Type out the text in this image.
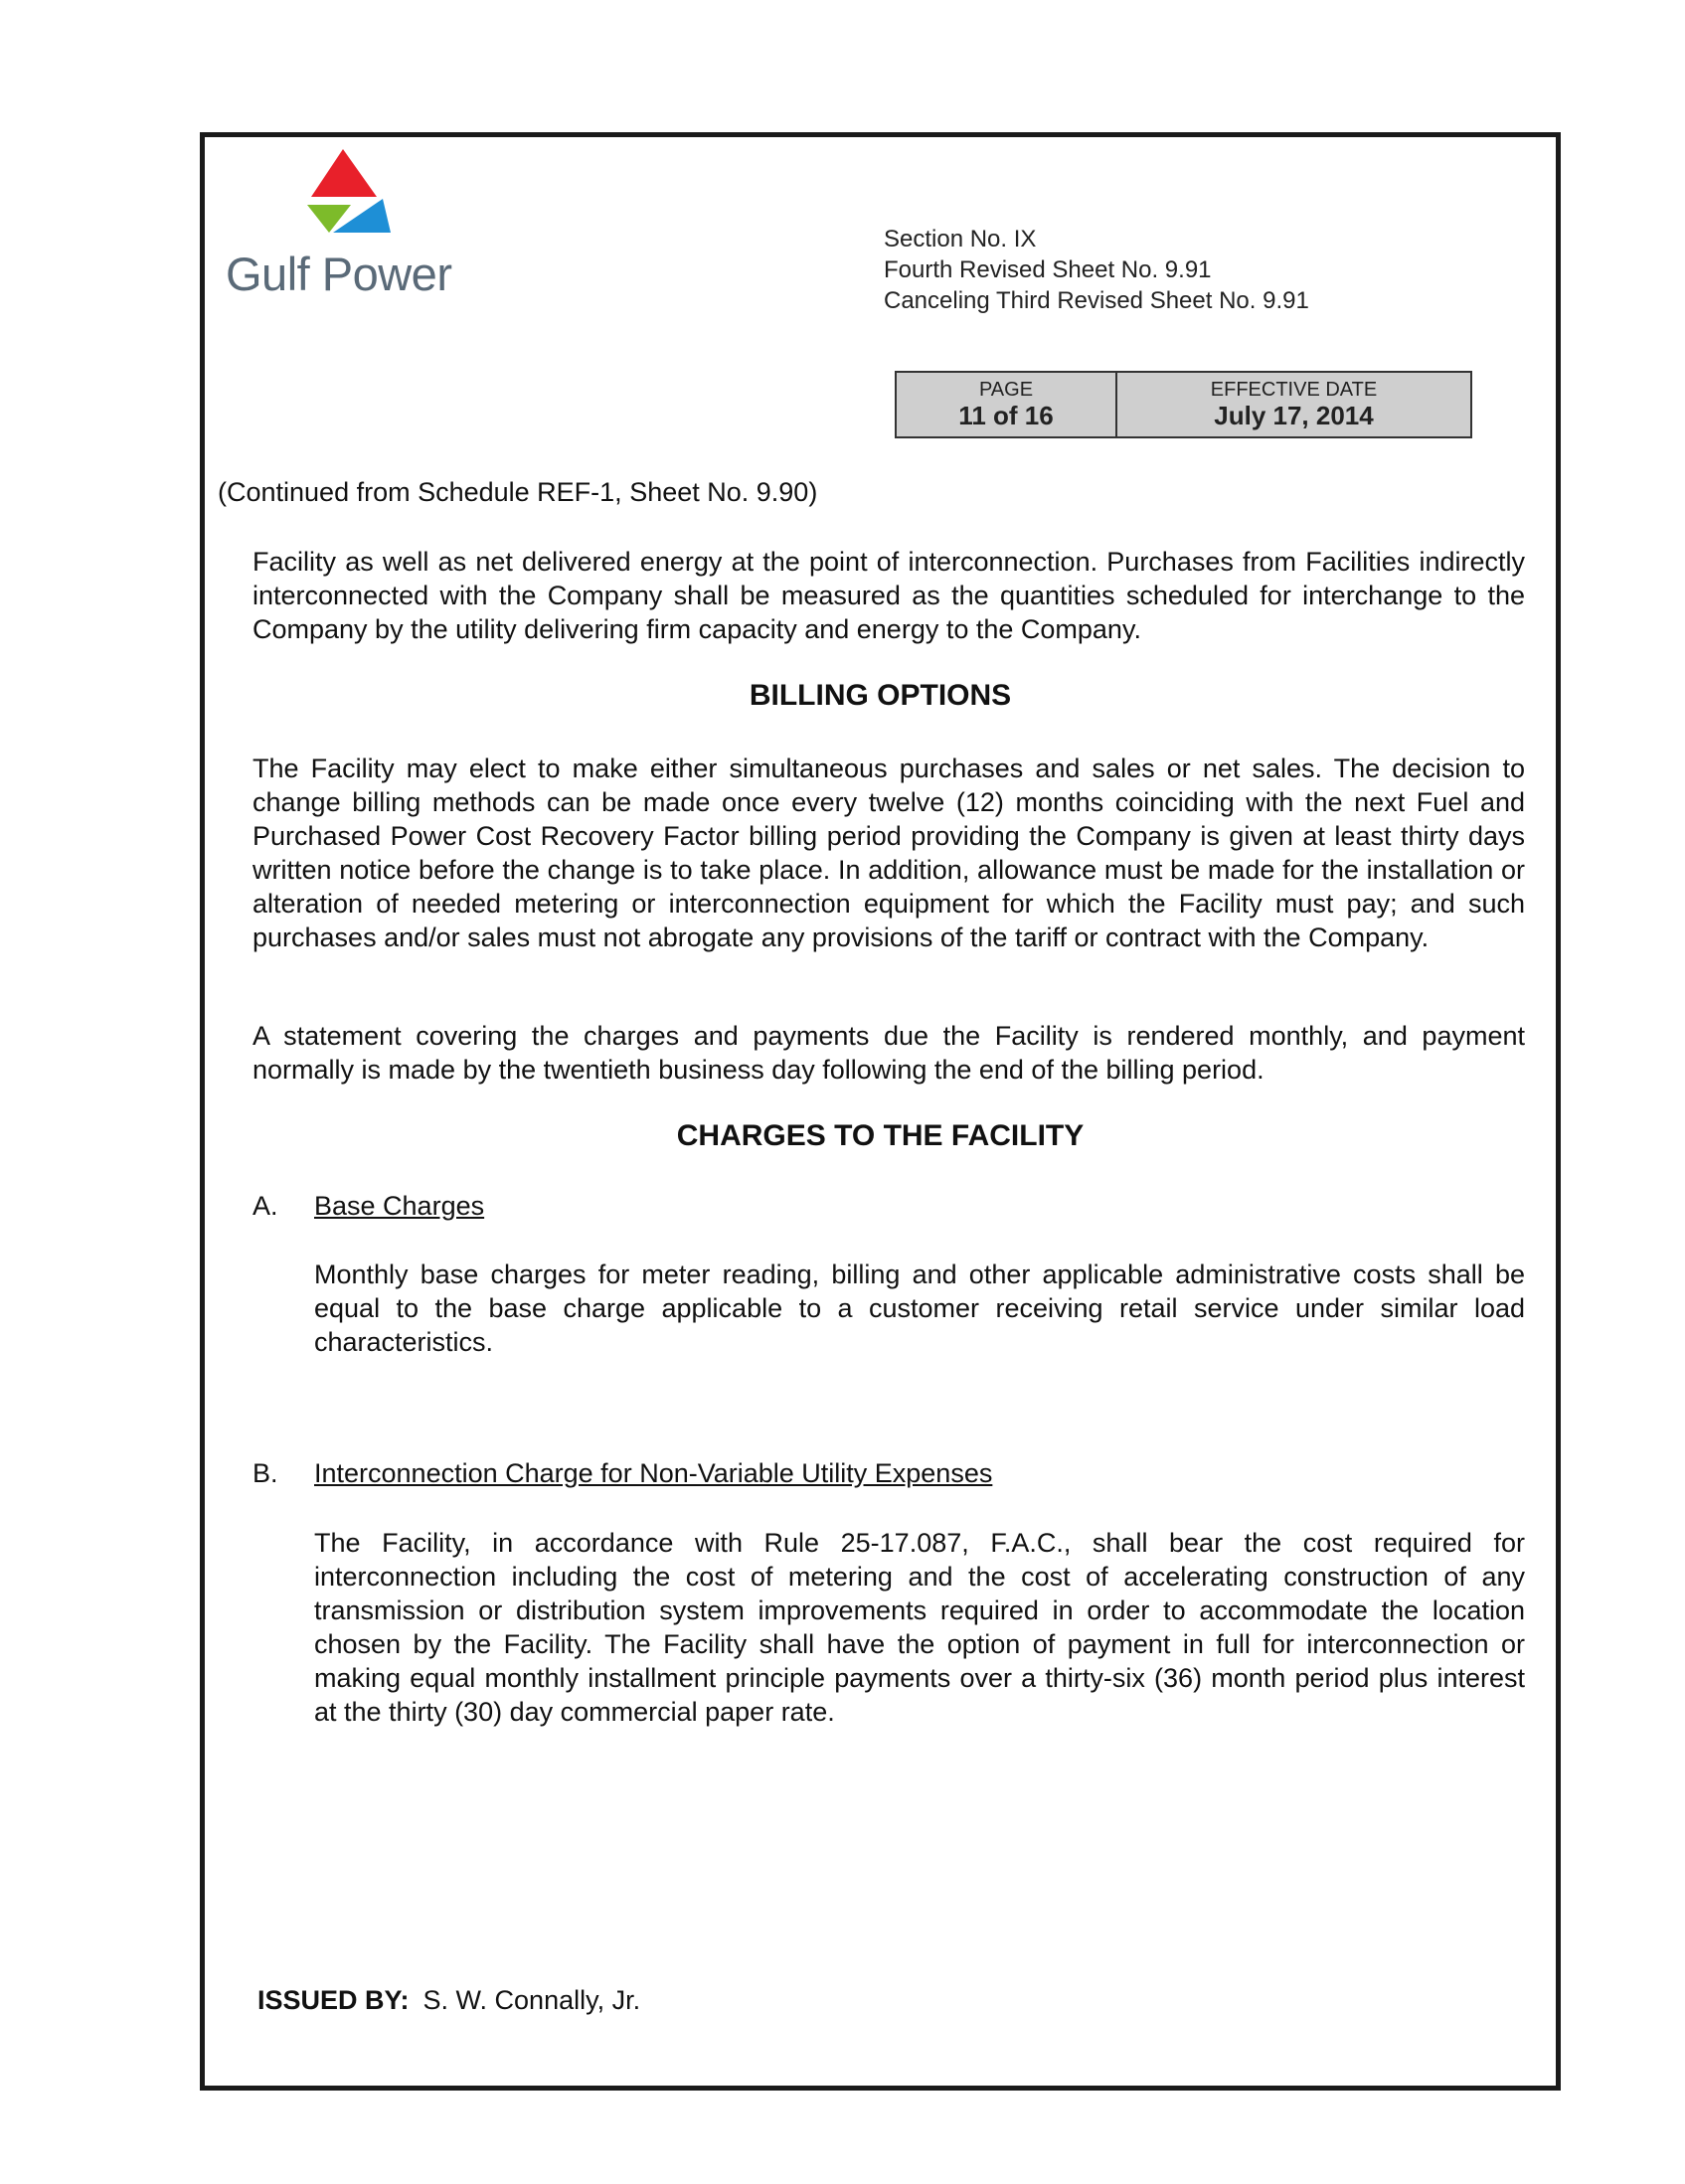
Gulf Power
Section No. IX
Fourth Revised Sheet No. 9.91
Canceling Third Revised Sheet No. 9.91
PAGE
11 of 16
EFFECTIVE DATE
July 17, 2014
(Continued from Schedule REF-1, Sheet No. 9.90)
Facility as well as net delivered energy at the point of interconnection. Purchases from Facilities indirectly interconnected with the Company shall be measured as the quantities scheduled for interchange to the Company by the utility delivering firm capacity and energy to the Company.
BILLING OPTIONS
The Facility may elect to make either simultaneous purchases and sales or net sales. The decision to change billing methods can be made once every twelve (12) months coinciding with the next Fuel and Purchased Power Cost Recovery Factor billing period providing the Company is given at least thirty days written notice before the change is to take place. In addition, allowance must be made for the installation or alteration of needed metering or interconnection equipment for which the Facility must pay; and such purchases and/or sales must not abrogate any provisions of the tariff or contract with the Company.
A statement covering the charges and payments due the Facility is rendered monthly, and payment normally is made by the twentieth business day following the end of the billing period.
CHARGES TO THE FACILITY
A. Base Charges
Monthly base charges for meter reading, billing and other applicable administrative costs shall be equal to the base charge applicable to a customer receiving retail service under similar load characteristics.
B. Interconnection Charge for Non-Variable Utility Expenses
The Facility, in accordance with Rule 25-17.087, F.A.C., shall bear the cost required for interconnection including the cost of metering and the cost of accelerating construction of any transmission or distribution system improvements required in order to accommodate the location chosen by the Facility. The Facility shall have the option of payment in full for interconnection or making equal monthly installment principle payments over a thirty-six (36) month period plus interest at the thirty (30) day commercial paper rate.
ISSUED BY: S. W. Connally, Jr.
